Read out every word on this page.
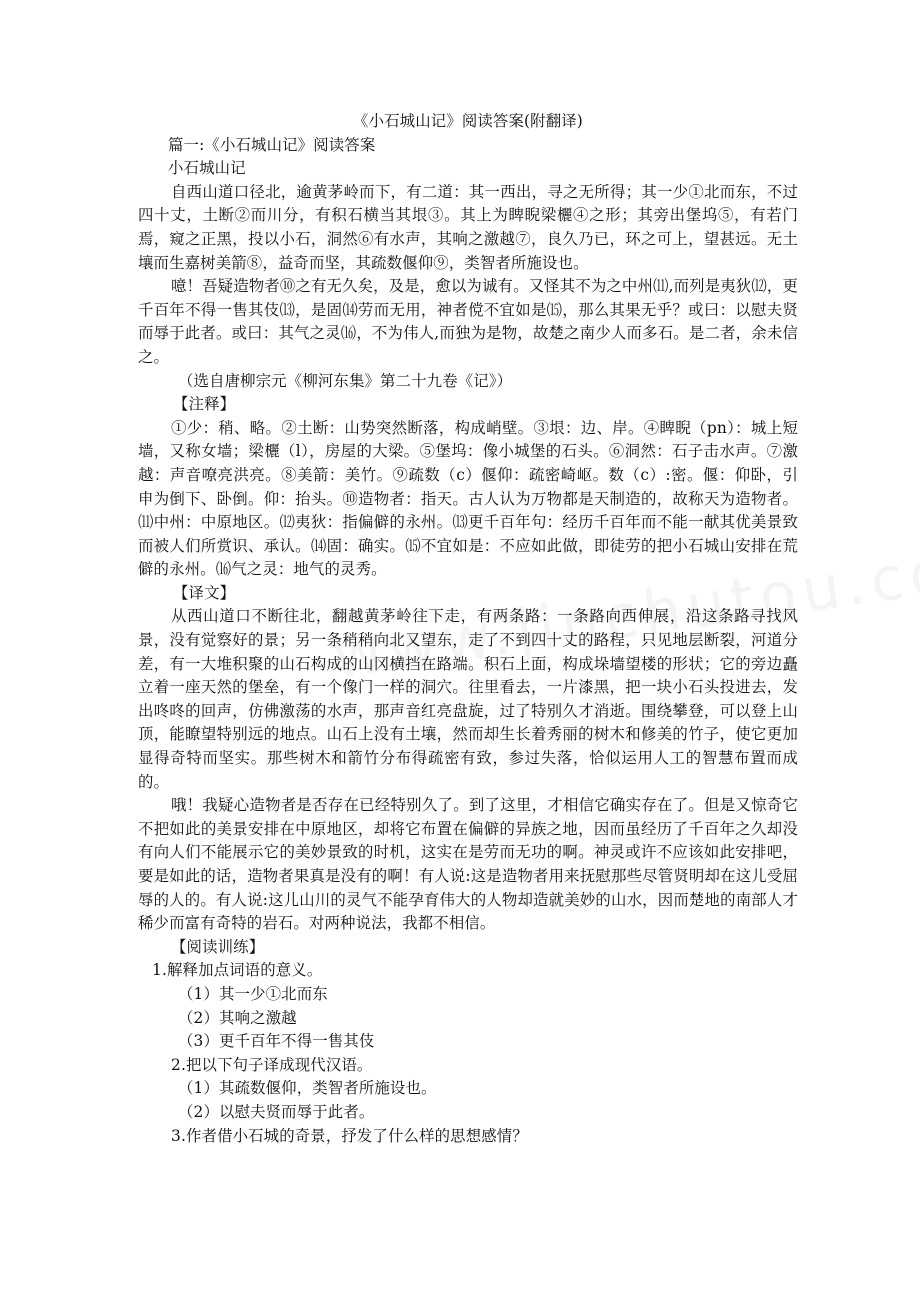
《小石城山记》阅读答案(附翻译)

篇一:《小石城山记》阅读答案

小石城山记

自西山道口径北，逾黄茅岭而下，有二道：其一西出，寻之无所得；其一少①北而东，不过四十丈，土断②而川分，有积石横当其垠③。其上为睥睨梁欐④之形；其旁出堡坞⑤，有若门焉，窥之正黑，投以小石，洞然⑥有水声，其响之激越⑦，良久乃已，环之可上，望甚远。无土壤而生嘉树美箭⑧，益奇而坚，其疏数偃仰⑨，类智者所施设也。

噫！吾疑造物者⑩之有无久矣，及是，愈以为诚有。又怪其不为之中州⑾,而列是夷狄⑿，更千百年不得一售其伎⒀，是固⒁劳而无用，神者傥不宜如是⒂，那么其果无乎？或曰：以慰夫贤而辱于此者。或曰：其气之灵⒃，不为伟人,而独为是物，故楚之南少人而多石。是二者，余未信之。

（选自唐柳宗元《柳河东集》第二十九卷《记》）

【注释】

①少：稍、略。②土断：山势突然断落，构成峭壁。③垠：边、岸。④睥睨（pn）：城上短墙，又称女墙；梁欐（l），房屋的大梁。⑤堡坞：像小城堡的石头。⑥洞然：石子击水声。⑦激越：声音嘹亮洪亮。⑧美箭：美竹。⑨疏数（c）偃仰：疏密崎岖。数（c）:密。偃：仰卧，引申为倒下、卧倒。仰：抬头。⑩造物者：指天。古人认为万物都是天制造的，故称天为造物者。⑾中州：中原地区。⑿夷狄：指偏僻的永州。⒀更千百年句：经历千百年而不能一献其优美景致而被人们所赏识、承认。⒁固：确实。⒂不宜如是：不应如此做，即徒劳的把小石城山安排在荒僻的永州。⒃气之灵：地气的灵秀。

【译文】

从西山道口不断往北，翻越黄茅岭往下走，有两条路：一条路向西伸展，沿这条路寻找风景，没有觉察好的景；另一条稍稍向北又望东，走了不到四十丈的路程，只见地层断裂，河道分差，有一大堆积聚的山石构成的山冈横挡在路端。积石上面，构成垛墙望楼的形状；它的旁边矗立着一座天然的堡垒，有一个像门一样的洞穴。往里看去，一片漆黑，把一块小石头投进去，发出咚咚的回声，仿佛激荡的水声，那声音红亮盘旋，过了特别久才消逝。围绕攀登，可以登上山顶，能瞭望特别远的地点。山石上没有土壤，然而却生长着秀丽的树木和修美的竹子，使它更加显得奇特而坚实。那些树木和箭竹分布得疏密有致，参过失落，恰似运用人工的智慧布置而成的。

哦！我疑心造物者是否存在已经特别久了。到了这里，才相信它确实存在了。但是又惊奇它不把如此的美景安排在中原地区，却将它布置在偏僻的异族之地，因而虽经历了千百年之久却没有向人们不能展示它的美妙景致的时机，这实在是劳而无功的啊。神灵或许不应该如此安排吧，要是如此的话，造物者果真是没有的啊！有人说:这是造物者用来抚慰那些尽管贤明却在这儿受屈辱的人的。有人说:这儿山川的灵气不能孕育伟大的人物却造就美妙的山水，因而楚地的南部人才稀少而富有奇特的岩石。对两种说法，我都不相信。

【阅读训练】

1.解释加点词语的意义。

（1）其一少①北而东

（2）其响之激越

（3）更千百年不得一售其伎

2.把以下句子译成现代汉语。

（1）其疏数偃仰，类智者所施设也。

（2）以慰夫贤而辱于此者。

3.作者借小石城的奇景，抒发了什么样的思想感情？
